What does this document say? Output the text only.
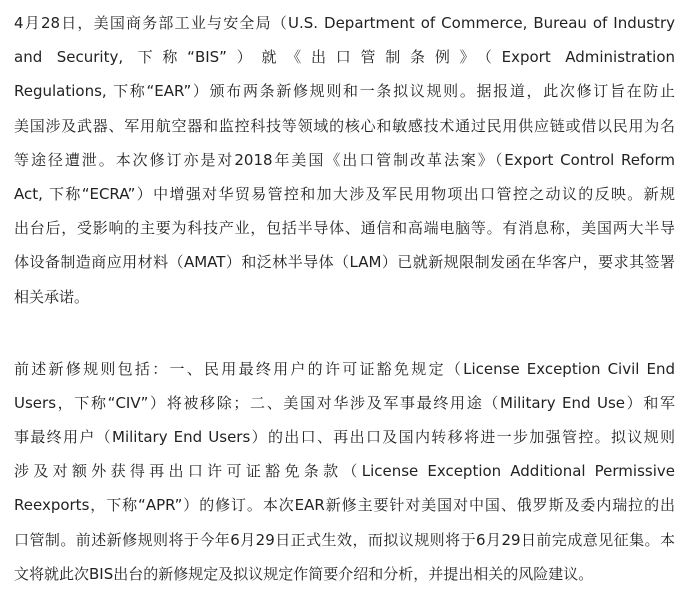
4月28日，美国商务部工业与安全局（U.S. Department of Commerce, Bureau of Industry
and Security, 下称“BIS”）就《出口管制条例》（Export Administration
Regulations, 下称“EAR”）颁布两条新修规则和一条拟议规则。据报道，此次修订旨在防止
美国涉及武器、军用航空器和监控科技等领域的核心和敏感技术通过民用供应链或借以民用为名
等途径遭泄。本次修订亦是对2018年美国《出口管制改革法案》（Export Control Reform
Act, 下称“ECRA”）中增强对华贸易管控和加大涉及军民用物项出口管控之动议的反映。新规
出台后，受影响的主要为科技产业，包括半导体、通信和高端电脑等。有消息称，美国两大半导
体设备制造商应用材料（AMAT）和泛林半导体（LAM）已就新规限制发函在华客户，要求其签署
相关承诺。
前述新修规则包括：一、民用最终用户的许可证豁免规定（License Exception Civil End
Users，下称“CIV”）将被移除；二、美国对华涉及军事最终用途（Military End Use）和军
事最终用户（Military End Users）的出口、再出口及国内转移将进一步加强管控。拟议规则
涉及对额外获得再出口许可证豁免条款（License Exception Additional Permissive
Reexports，下称“APR”）的修订。本次EAR新修主要针对美国对中国、俄罗斯及委内瑞拉的出
口管制。前述新修规则将于今年6月29日正式生效，而拟议规则将于6月29日前完成意见征集。本
文将就此次BIS出台的新修规定及拟议规定作简要介绍和分析，并提出相关的风险建议。
